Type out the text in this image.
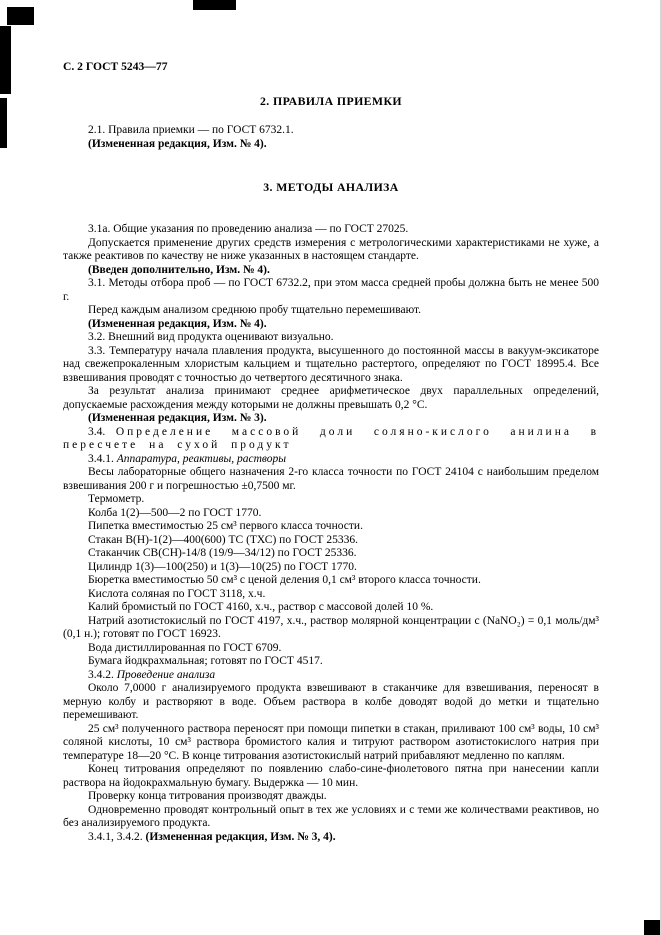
С. 2 ГОСТ 5243—77
2. ПРАВИЛА ПРИЕМКИ

2.1. Правила приемки — по ГОСТ 6732.1.

(Измененная редакция, Изм. № 4).

3. МЕТОДЫ АНАЛИЗА

3.1а. Общие указания по проведению анализа — по ГОСТ 27025.

Допускается применение других средств измерения с метрологическими характеристиками не хуже, а также реактивов по качеству не ниже указанных в настоящем стандарте.

(Введен дополнительно, Изм. № 4).

3.1. Методы отбора проб — по ГОСТ 6732.2, при этом масса средней пробы должна быть не менее 500 г.

Перед каждым анализом среднюю пробу тщательно перемешивают.

(Измененная редакция, Изм. № 4).

3.2. Внешний вид продукта оценивают визуально.

3.3. Температуру начала плавления продукта, высушенного до постоянной массы в вакуум-эксикаторе над свежепрокаленным хлористым кальцием и тщательно растертого, определяют по ГОСТ 18995.4. Все взвешивания проводят с точностью до четвертого десятичного знака.

За результат анализа принимают среднее арифметическое двух параллельных определений, допускаемые расхождения между которыми не должны превышать 0,2 °С.

(Измененная редакция, Изм. № 3).

3.4. Определение массовой доли соляно-кислого анилина в пересчете на сухой продукт

3.4.1. Аппаратура, реактивы, растворы

Весы лабораторные общего назначения 2-го класса точности по ГОСТ 24104 с наибольшим пределом взвешивания 200 г и погрешностью ±0,7500 мг.

Термометр.

Колба 1(2)—500—2 по ГОСТ 1770.

Пипетка вместимостью 25 см³ первого класса точности.

Стакан В(Н)-1(2)—400(600) ТС (ТХС) по ГОСТ 25336.

Стаканчик СВ(СН)-14/8 (19/9—34/12) по ГОСТ 25336.

Цилиндр 1(3)—100(250) и 1(3)—10(25) по ГОСТ 1770.

Бюретка вместимостью 50 см³ с ценой деления 0,1 см³ второго класса точности.

Кислота соляная по ГОСТ 3118, х.ч.

Калий бромистый по ГОСТ 4160, х.ч., раствор с массовой долей 10 %.

Натрий азотистокислый по ГОСТ 4197, х.ч., раствор молярной концентрации с (NaNO₂) = 0,1 моль/дм³ (0,1 н.); готовят по ГОСТ 16923.

Вода дистиллированная по ГОСТ 6709.

Бумага йодкрахмальная; готовят по ГОСТ 4517.

3.4.2. Проведение анализа

Около 7,0000 г анализируемого продукта взвешивают в стаканчике для взвешивания, переносят в мерную колбу и растворяют в воде. Объем раствора в колбе доводят водой до метки и тщательно перемешивают.

25 см³ полученного раствора переносят при помощи пипетки в стакан, приливают 100 см³ воды, 10 см³ соляной кислоты, 10 см³ раствора бромистого калия и титруют раствором азотистокислого натрия при температуре 18—20 °С. В конце титрования азотистокислый натрий прибавляют медленно по каплям.

Конец титрования определяют по появлению слабо-сине-фиолетового пятна при нанесении капли раствора на йодокрахмальную бумагу. Выдержка — 10 мин.

Проверку конца титрования производят дважды.

Одновременно проводят контрольный опыт в тех же условиях и с теми же количествами реактивов, но без анализируемого продукта.

3.4.1, 3.4.2. (Измененная редакция, Изм. № 3, 4).
